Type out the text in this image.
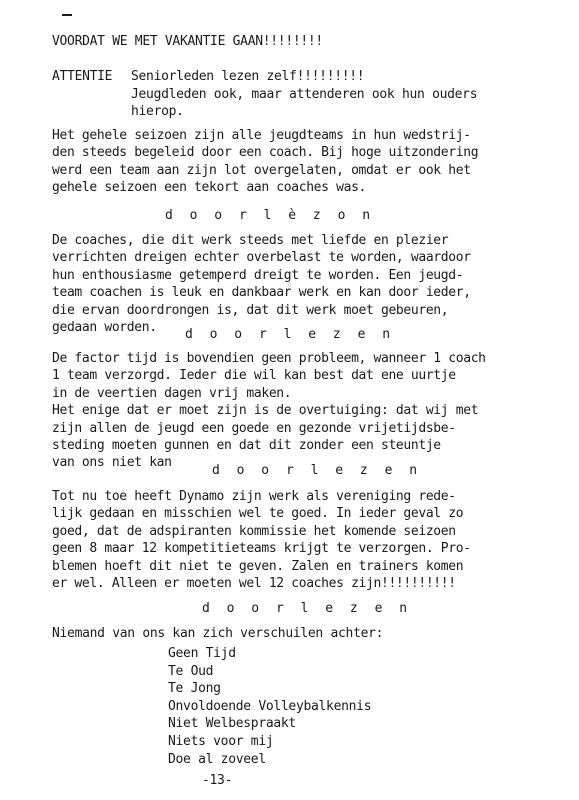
VOORDAT WE MET VAKANTIE GAAN!!!!!!!!
ATTENTIE Seniorleden lezen zelf!!!!!!!!!
Jeugdleden ook, maar attenderen ook hun ouders
hierop.
Het gehele seizoen zijn alle jeugdteams in hun wedstrij-
den steeds begeleid door een coach. Bij hoge uitzondering
werd een team aan zijn lot overgelaten, omdat er ook het
gehele seizoen een tekort aan coaches was.
d o o r l è z o n
De coaches, die dit werk steeds met liefde en plezier
verrichten dreigen echter overbelast te worden, waardoor
hun enthousiasme getemperd dreigt te worden. Een jeugd-
team coachen is leuk en dankbaar werk en kan door ieder,
die ervan doordrongen is, dat dit werk moet gebeuren,
gedaan worden.	d o o r l e z e n
De factor tijd is bovendien geen probleem, wanneer 1 coach
1 team verzorgd. Ieder die wil kan best dat ene uurtje
in de veertien dagen vrij maken.
Het enige dat er moet zijn is de overtuiging: dat wij met
zijn allen de jeugd een goede en gezonde vrijetijdsbe-
steding moeten gunnen en dat dit zonder een steuntje
van ons niet kan
d o o r l e z e n
Tot nu toe heeft Dynamo zijn werk als vereniging rede-
lijk gedaan en misschien wel te goed. In ieder geval zo
goed, dat de adspiranten kommissie het komende seizoen
geen 8 maar 12 kompetitieteams krijgt te verzorgen. Pro-
blemen hoeft dit niet te geven. Zalen en trainers komen
er wel. Alleen er moeten wel 12 coaches zijn!!!!!!!!!!
d o o r l e z e n
Niemand van ons kan zich verschuilen achter:
Geen Tijd
Te Oud
Te Jong
Onvoldoende Volleybalkennis
Niet Welbespraakt
Niets voor mij
Doe al zoveel
-13-
